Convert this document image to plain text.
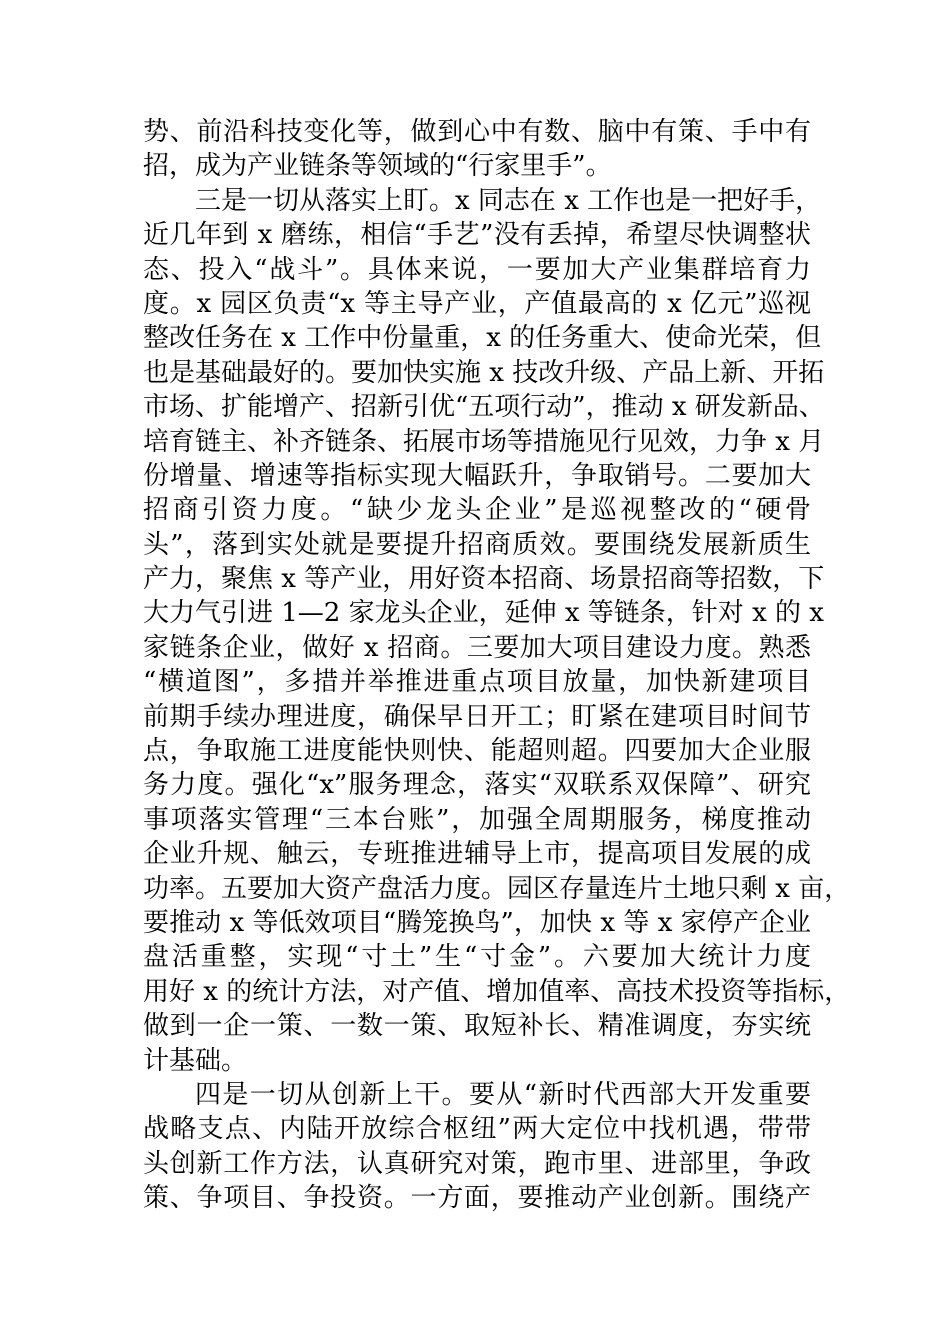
势、前沿科技变化等，做到心中有数、脑中有策、手中有
招，成为产业链条等领域的“行家里手”。
三是一切从落实上盯。x 同志在 x 工作也是一把好手，
近几年到 x 磨练，相信“手艺”没有丢掉，希望尽快调整状
态、投入“战斗”。具体来说，一要加大产业集群培育力
度。x 园区负责“x 等主导产业，产值最高的 x 亿元”巡视
整改任务在 x 工作中份量重，x 的任务重大、使命光荣，但
也是基础最好的。要加快实施 x 技改升级、产品上新、开拓
市场、扩能增产、招新引优“五项行动”，推动 x 研发新品、
培育链主、补齐链条、拓展市场等措施见行见效，力争 x 月
份增量、增速等指标实现大幅跃升，争取销号。二要加大
招商引资力度。“缺少龙头企业”是巡视整改的“硬骨
头”，落到实处就是要提升招商质效。要围绕发展新质生
产力，聚焦 x 等产业，用好资本招商、场景招商等招数，下
大力气引进 1—2 家龙头企业，延伸 x 等链条，针对 x 的 x
家链条企业，做好 x 招商。三要加大项目建设力度。熟悉
“横道图”，多措并举推进重点项目放量，加快新建项目
前期手续办理进度，确保早日开工；盯紧在建项目时间节
点，争取施工进度能快则快、能超则超。四要加大企业服
务力度。强化“x”服务理念，落实“双联系双保障”、研究
事项落实管理“三本台账”，加强全周期服务，梯度推动
企业升规、触云，专班推进辅导上市，提高项目发展的成
功率。五要加大资产盘活力度。园区存量连片土地只剩 x 亩，
要推动 x 等低效项目“腾笼换鸟”，加快 x 等 x 家停产企业
盘活重整，实现“寸土”生“寸金”。六要加大统计力度
用好 x 的统计方法，对产值、增加值率、高技术投资等指标，
做到一企一策、一数一策、取短补长、精准调度，夯实统
计基础。
四是一切从创新上干。要从“新时代西部大开发重要
战略支点、内陆开放综合枢纽”两大定位中找机遇，带带
头创新工作方法，认真研究对策，跑市里、进部里，争政
策、争项目、争投资。一方面，要推动产业创新。围绕产
